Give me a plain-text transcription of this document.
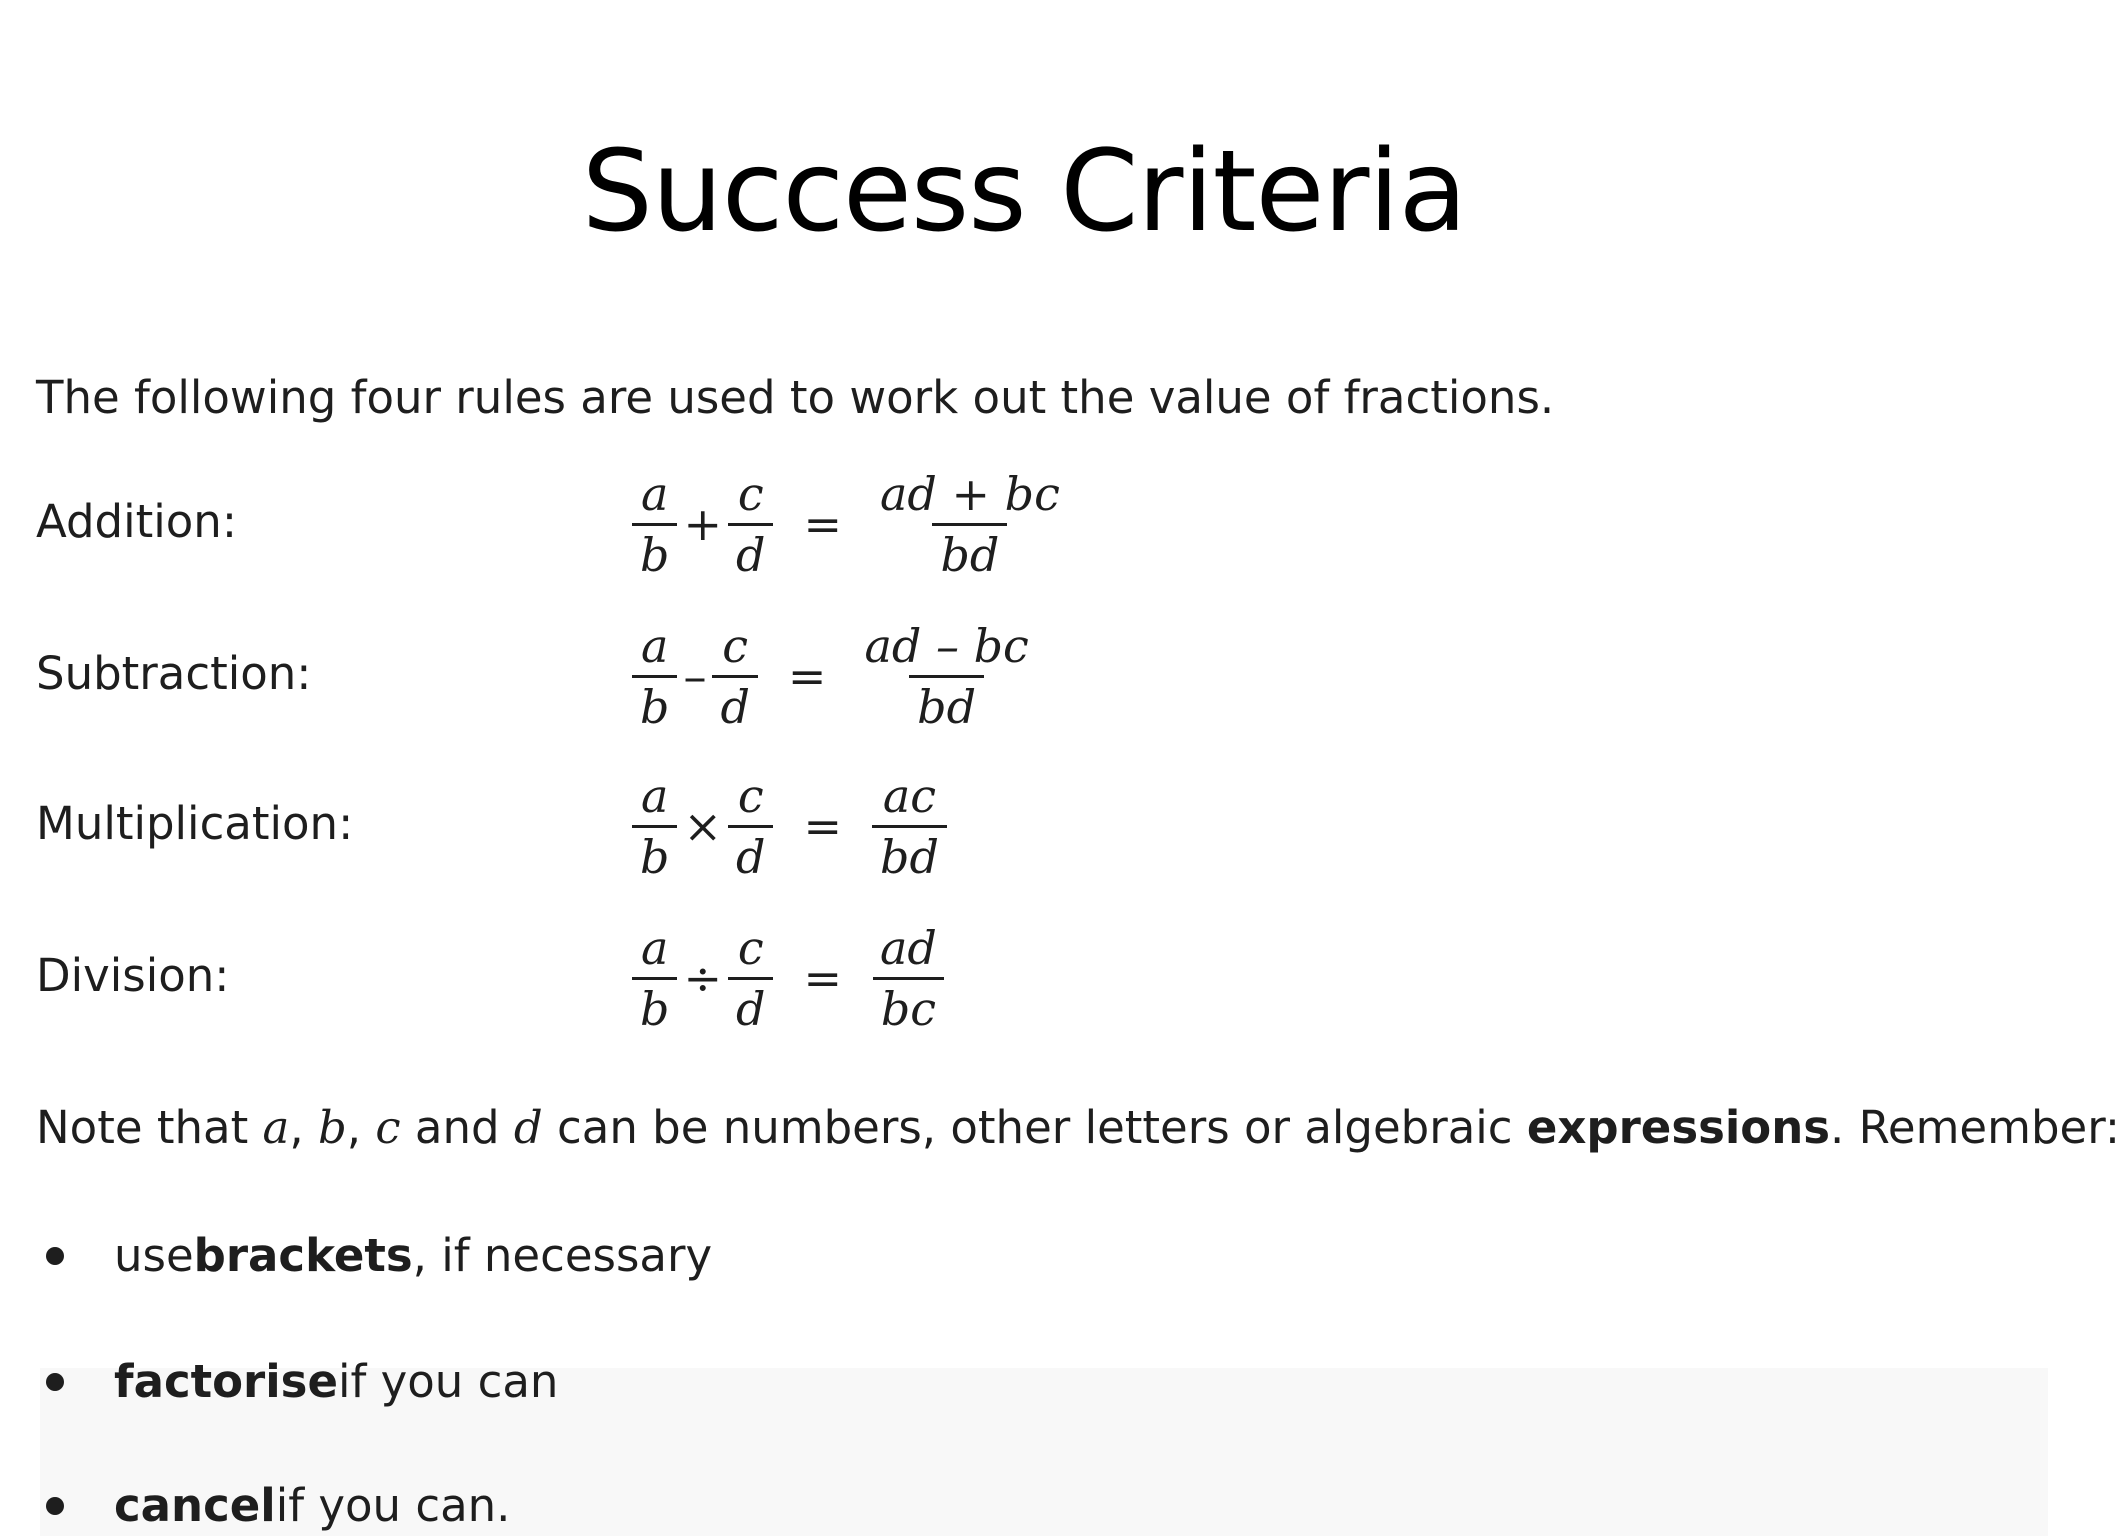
Success Criteria
The following four rules are used to work out the value of fractions.
Addition:	$\frac{a}{b} + \frac{c}{d} = \frac{ad + bc}{bd}$
Subtraction:	$\frac{a}{b} - \frac{c}{d} = \frac{ad - bc}{bd}$
Multiplication:	$\frac{a}{b} \times \frac{c}{d} = \frac{ac}{bd}$
Division:	$\frac{a}{b} \div \frac{c}{d} = \frac{ad}{bc}$
Note that a, b, c and d can be numbers, other letters or algebraic expressions. Remember:
use brackets , if necessary
factorise if you can
cancel if you can.
